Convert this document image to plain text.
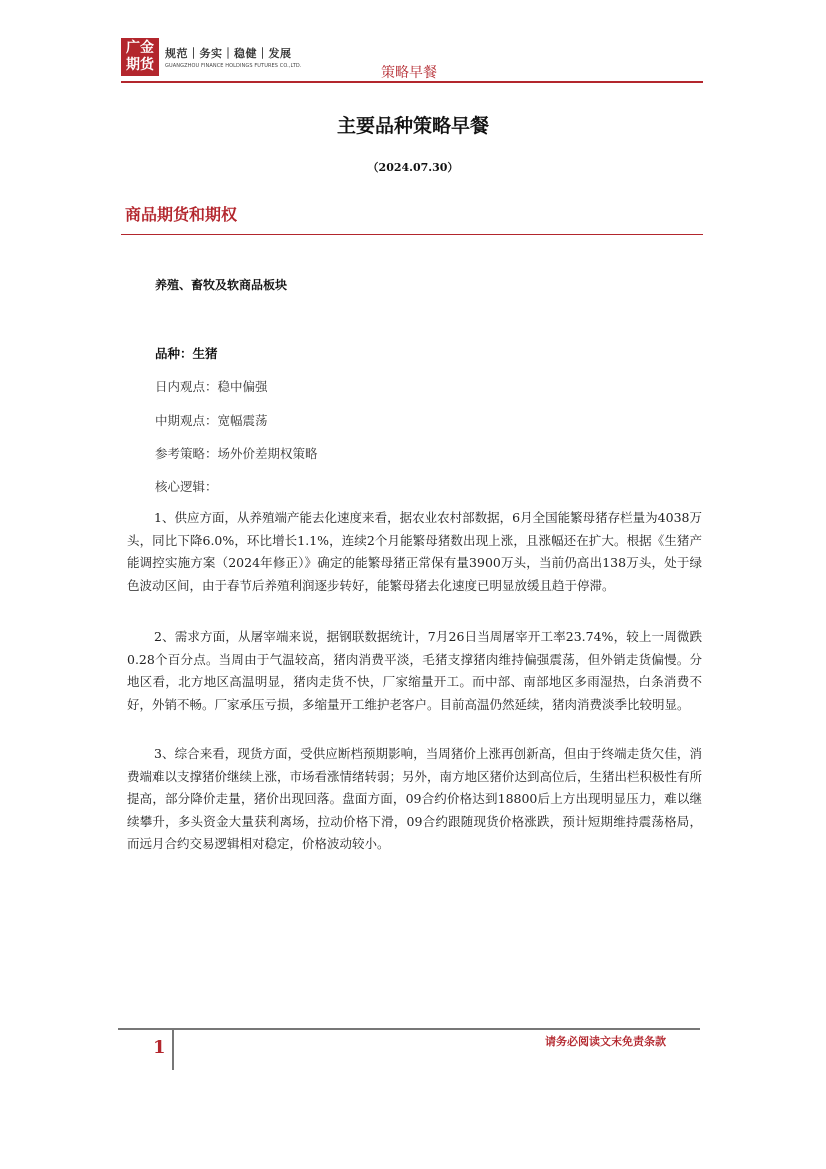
广金期货
规范｜务实｜稳健｜发展
GUANGZHOU FINANCE HOLDINGS FUTURES CO.,LTD.	策略早餐
主要品种策略早餐
（2024.07.30）
商品期货和期权
养殖、畜牧及软商品板块
品种：生猪
日内观点：稳中偏强
中期观点：宽幅震荡
参考策略：场外价差期权策略
核心逻辑：
1、供应方面，从养殖端产能去化速度来看，据农业农村部数据，6月全国能繁母猪存栏量为4038万头，同比下降6.0%，环比增长1.1%，连续2个月能繁母猪数出现上涨，且涨幅还在扩大。根据《生猪产能调控实施方案（2024年修正）》确定的能繁母猪正常保有量3900万头，当前仍高出138万头，处于绿色波动区间，由于春节后养殖利润逐步转好，能繁母猪去化速度已明显放缓且趋于停滞。
2、需求方面，从屠宰端来说，据钢联数据统计，7月26日当周屠宰开工率23.74%，较上一周微跌0.28个百分点。当周由于气温较高，猪肉消费平淡，毛猪支撑猪肉维持偏强震荡，但外销走货偏慢。分地区看，北方地区高温明显，猪肉走货不快，厂家缩量开工。而中部、南部地区多雨湿热，白条消费不好，外销不畅。厂家承压亏损，多缩量开工维护老客户。目前高温仍然延续，猪肉消费淡季比较明显。
3、综合来看，现货方面，受供应断档预期影响，当周猪价上涨再创新高，但由于终端走货欠佳，消费端难以支撑猪价继续上涨，市场看涨情绪转弱；另外，南方地区猪价达到高位后，生猪出栏积极性有所提高，部分降价走量，猪价出现回落。盘面方面，09合约价格达到18800后上方出现明显压力，难以继续攀升，多头资金大量获利离场，拉动价格下滑，09合约跟随现货价格涨跌，预计短期维持震荡格局，而远月合约交易逻辑相对稳定，价格波动较小。
1	请务必阅读文末免责条款
